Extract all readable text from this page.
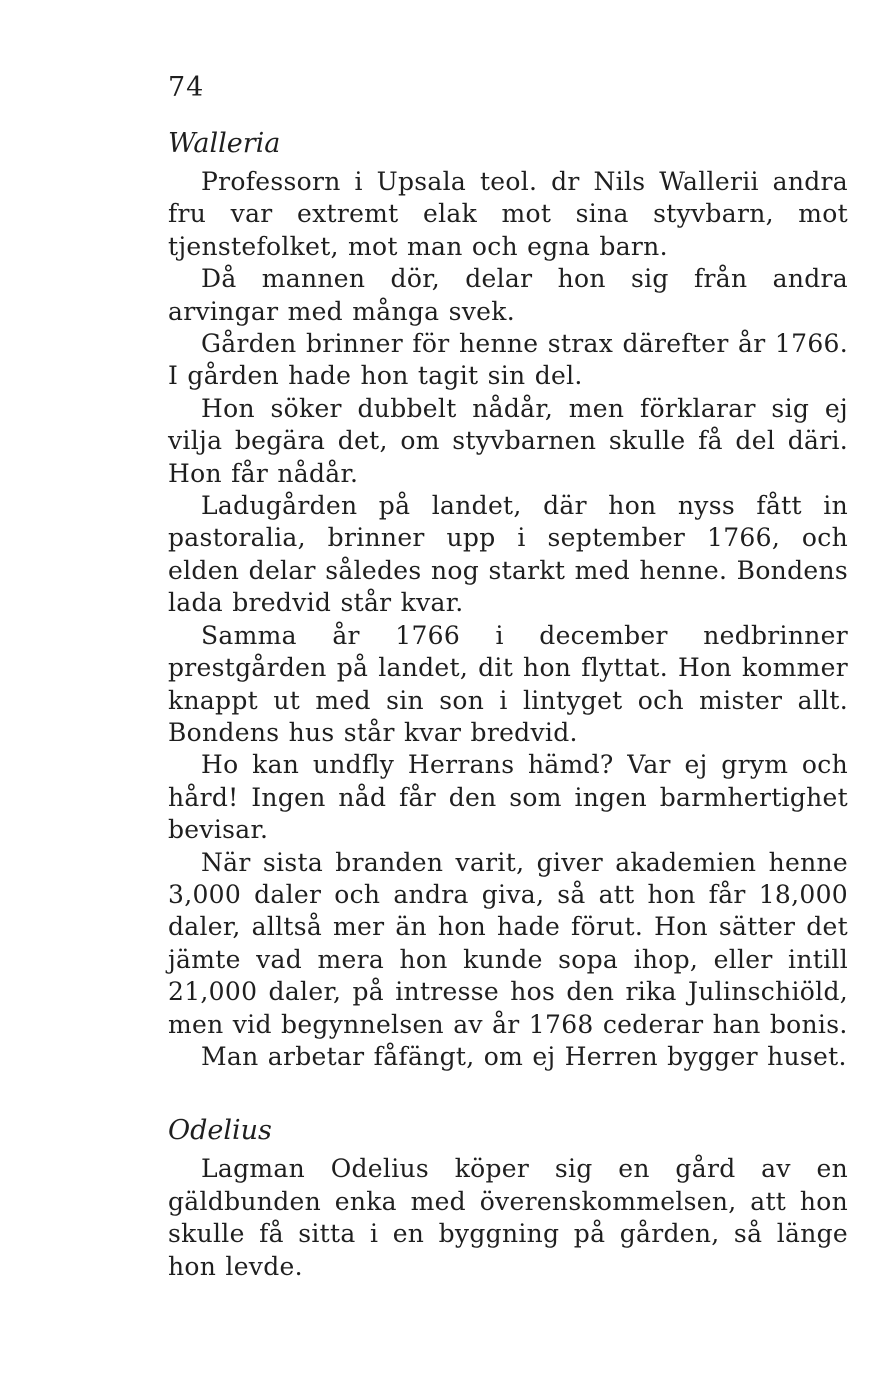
74
Walleria

Professorn i Upsala teol. dr Nils Wallerii andra fru var extremt elak mot sina styvbarn, mot tjenstefolket, mot man och egna barn.

Då mannen dör, delar hon sig från andra arvingar med många svek.

Gården brinner för henne strax därefter år 1766. I gården hade hon tagit sin del.

Hon söker dubbelt nådår, men förklarar sig ej vilja begära det, om styvbarnen skulle få del däri. Hon får nådår.

Ladugården på landet, där hon nyss fått in pastoralia, brinner upp i september 1766, och elden delar således nog starkt med henne. Bondens lada bredvid står kvar.

Samma år 1766 i december nedbrinner prestgården på landet, dit hon flyttat. Hon kommer knappt ut med sin son i lintyget och mister allt. Bondens hus står kvar bredvid.

Ho kan undfly Herrans hämd? Var ej grym och hård! Ingen nåd får den som ingen barmhertighet bevisar.

När sista branden varit, giver akademien henne 3,000 daler och andra giva, så att hon får 18,000 daler, alltså mer än hon hade förut. Hon sätter det jämte vad mera hon kunde sopa ihop, eller intill 21,000 daler, på intresse hos den rika Julinschiöld, men vid begynnelsen av år 1768 cederar han bonis.

Man arbetar fåfängt, om ej Herren bygger huset.

Odelius

Lagman Odelius köper sig en gård av en gäldbunden enka med överenskommelsen, att hon skulle få sitta i en byggning på gården, så länge hon levde.
